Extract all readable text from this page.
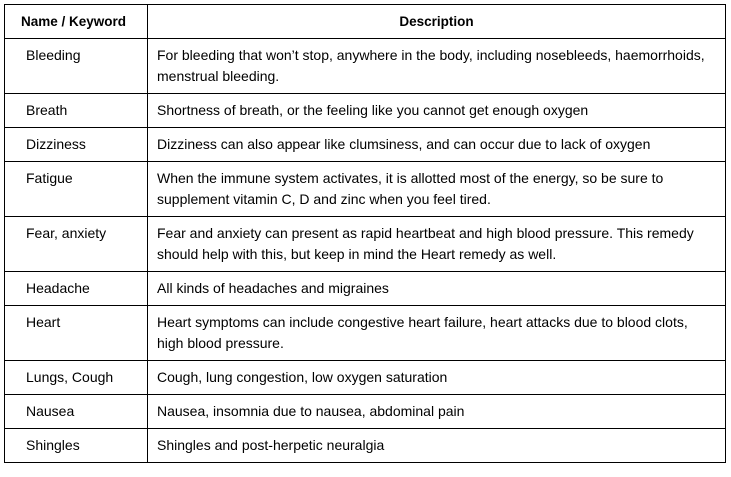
Name / Keyword	Description
Bleeding	For bleeding that won’t stop, anywhere in the body, including nosebleeds, haemorrhoids, menstrual bleeding.
Breath	Shortness of breath, or the feeling like you cannot get enough oxygen
Dizziness	Dizziness can also appear like clumsiness, and can occur due to lack of oxygen
Fatigue	When the immune system activates, it is allotted most of the energy, so be sure to supplement vitamin C, D and zinc when you feel tired.
Fear, anxiety	Fear and anxiety can present as rapid heartbeat and high blood pressure. This remedy should help with this, but keep in mind the Heart remedy as well.
Headache	All kinds of headaches and migraines
Heart	Heart symptoms can include congestive heart failure, heart attacks due to blood clots, high blood pressure.
Lungs, Cough	Cough, lung congestion, low oxygen saturation
Nausea	Nausea, insomnia due to nausea, abdominal pain
Shingles	Shingles and post-herpetic neuralgia
